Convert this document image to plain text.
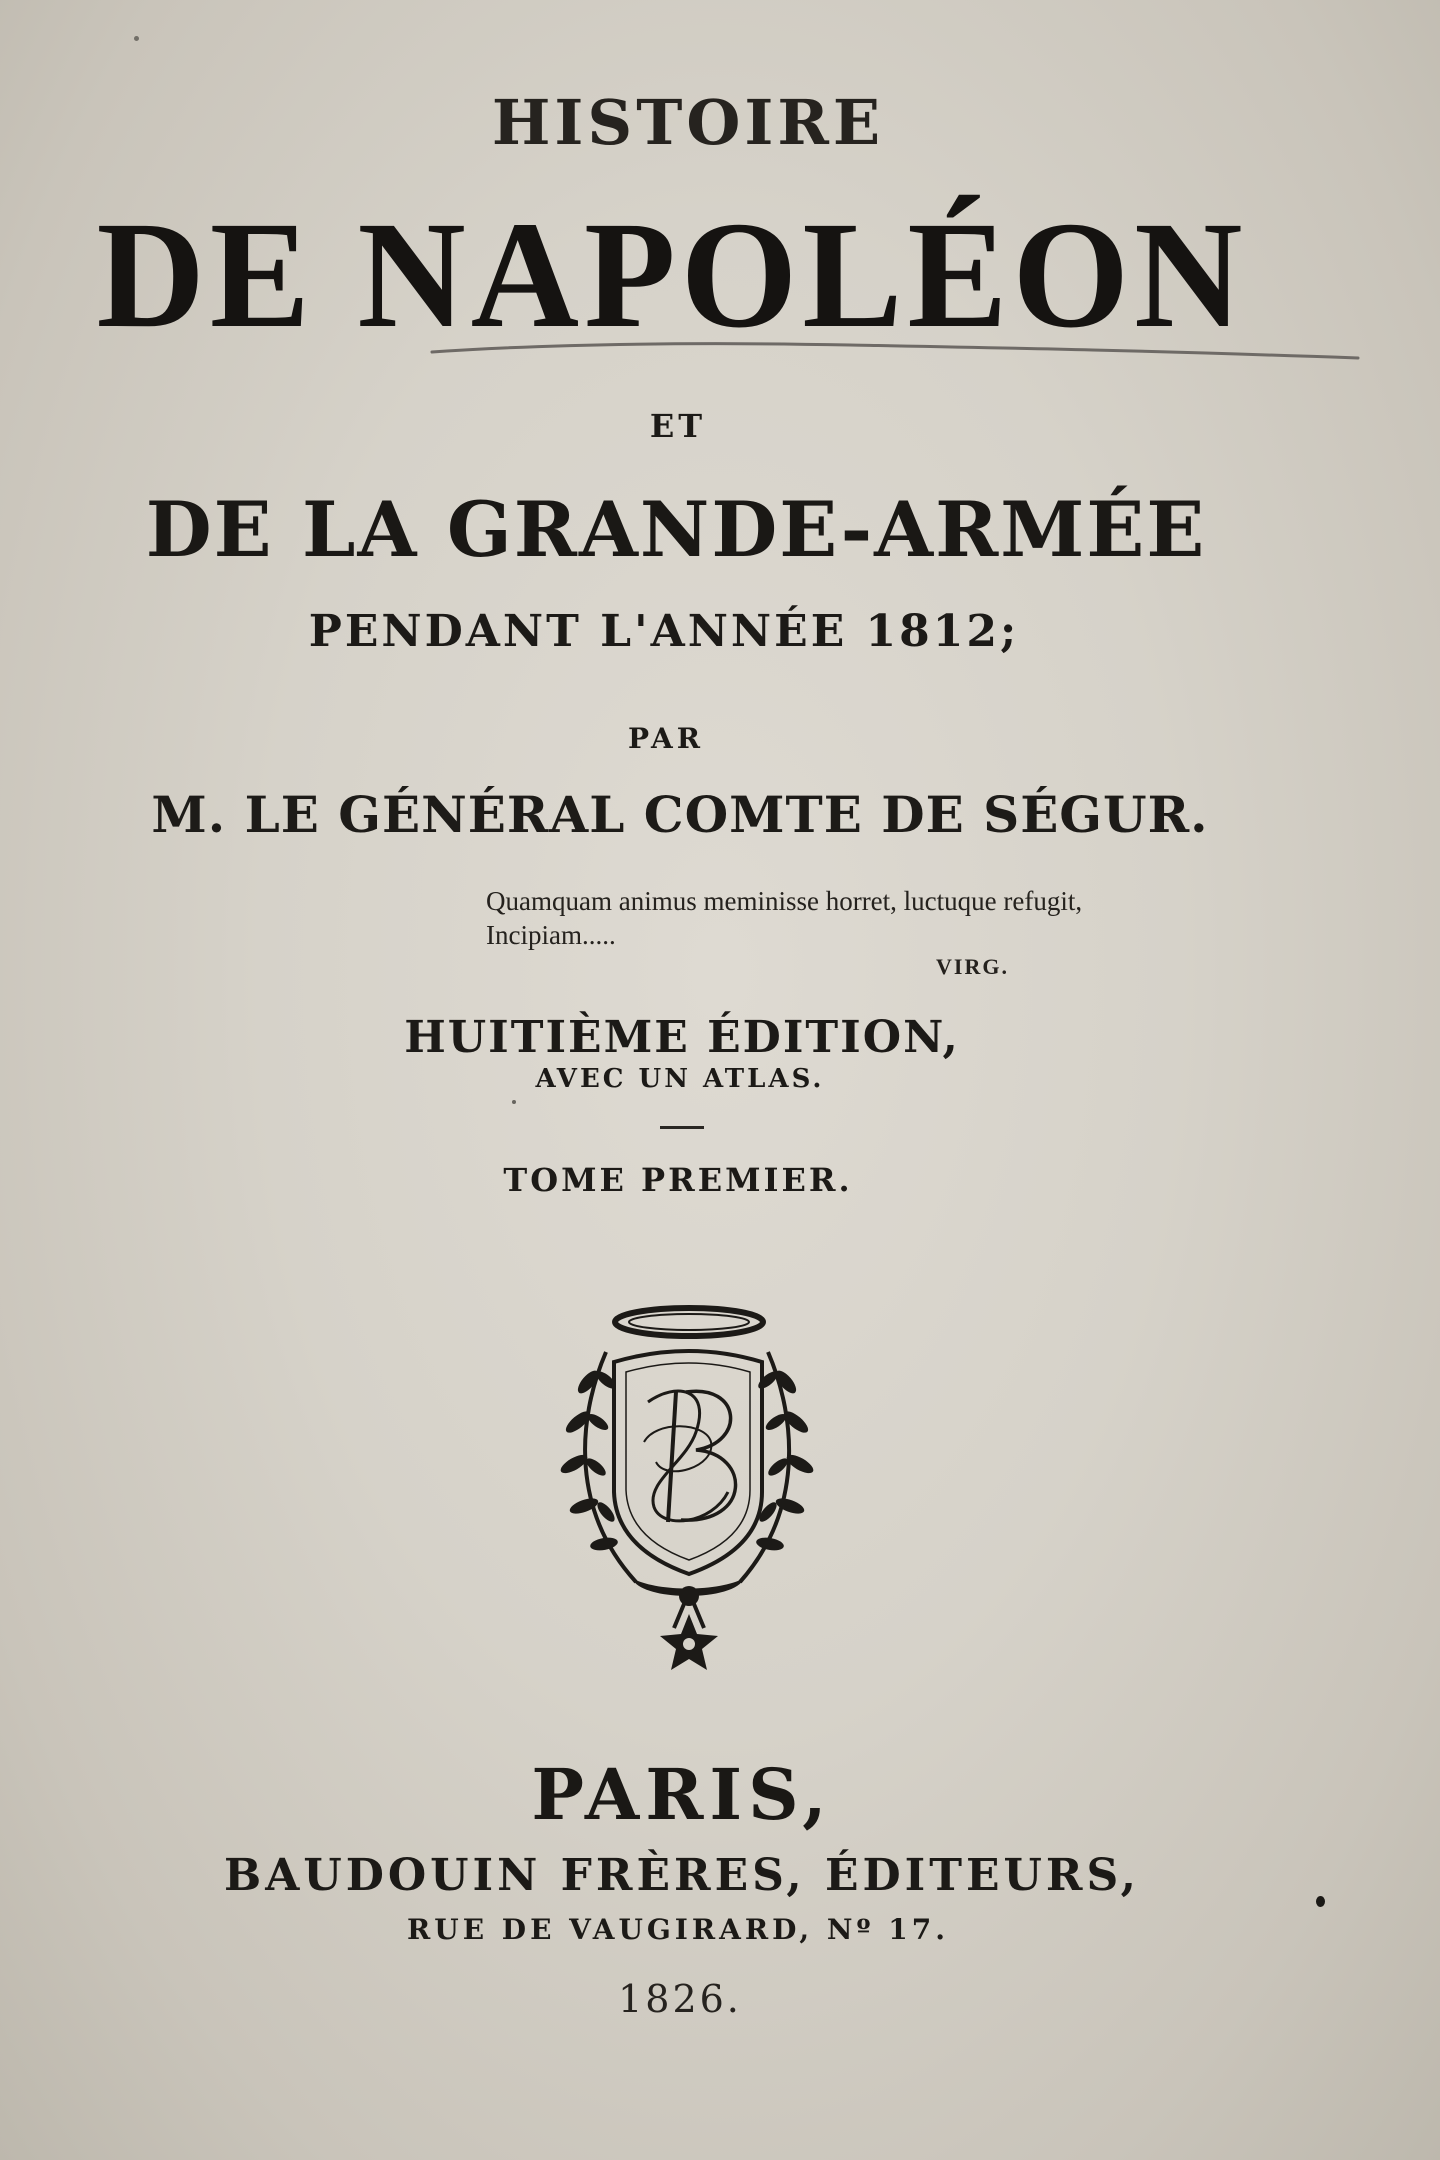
HISTOIRE
DE NAPOLÉON
ET
DE LA GRANDE-ARMÉE
PENDANT L'ANNÉE 1812;
PAR
M. LE GÉNÉRAL COMTE DE SÉGUR.
Quamquam animus meminisse horret, luctuque refugit,
Incipiam.....
VIRG.
HUITIÈME ÉDITION,
AVEC UN ATLAS.
TOME PREMIER.
PARIS,
BAUDOUIN FRÈRES, ÉDITEURS,
RUE DE VAUGIRARD, Nº 17.
1826.
